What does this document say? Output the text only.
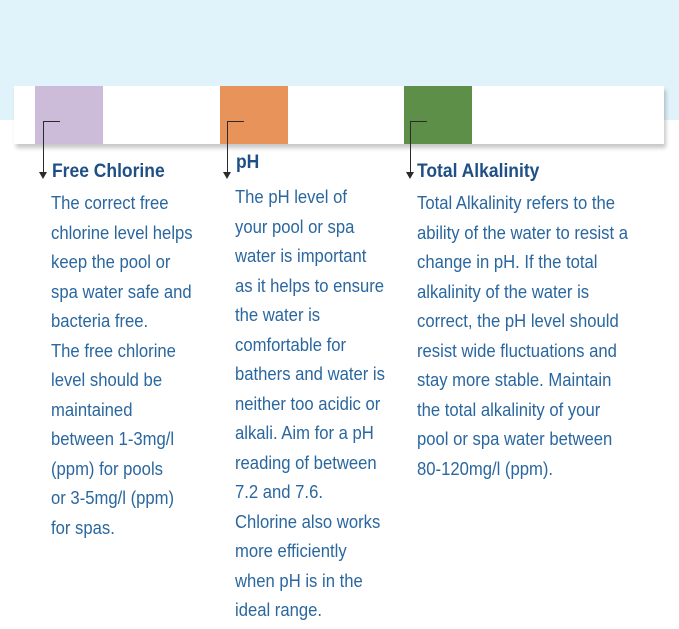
Free Chlorine
The correct free
chlorine level helps
keep the pool or
spa water safe and
bacteria free.
The free chlorine
level should be
maintained
between 1-3mg/l
(ppm) for pools
or 3-5mg/l (ppm)
for spas.
pH
The pH level of
your pool or spa
water is important
as it helps to ensure
the water is
comfortable for
bathers and water is
neither too acidic or
alkali. Aim for a pH
reading of between
7.2 and 7.6.
Chlorine also works
more efficiently
when pH is in the
ideal range.
Total Alkalinity
Total Alkalinity refers to the
ability of the water to resist a
change in pH. If the total
alkalinity of the water is
correct, the pH level should
resist wide fluctuations and
stay more stable. Maintain
the total alkalinity of your
pool or spa water between
80-120mg/l (ppm).
